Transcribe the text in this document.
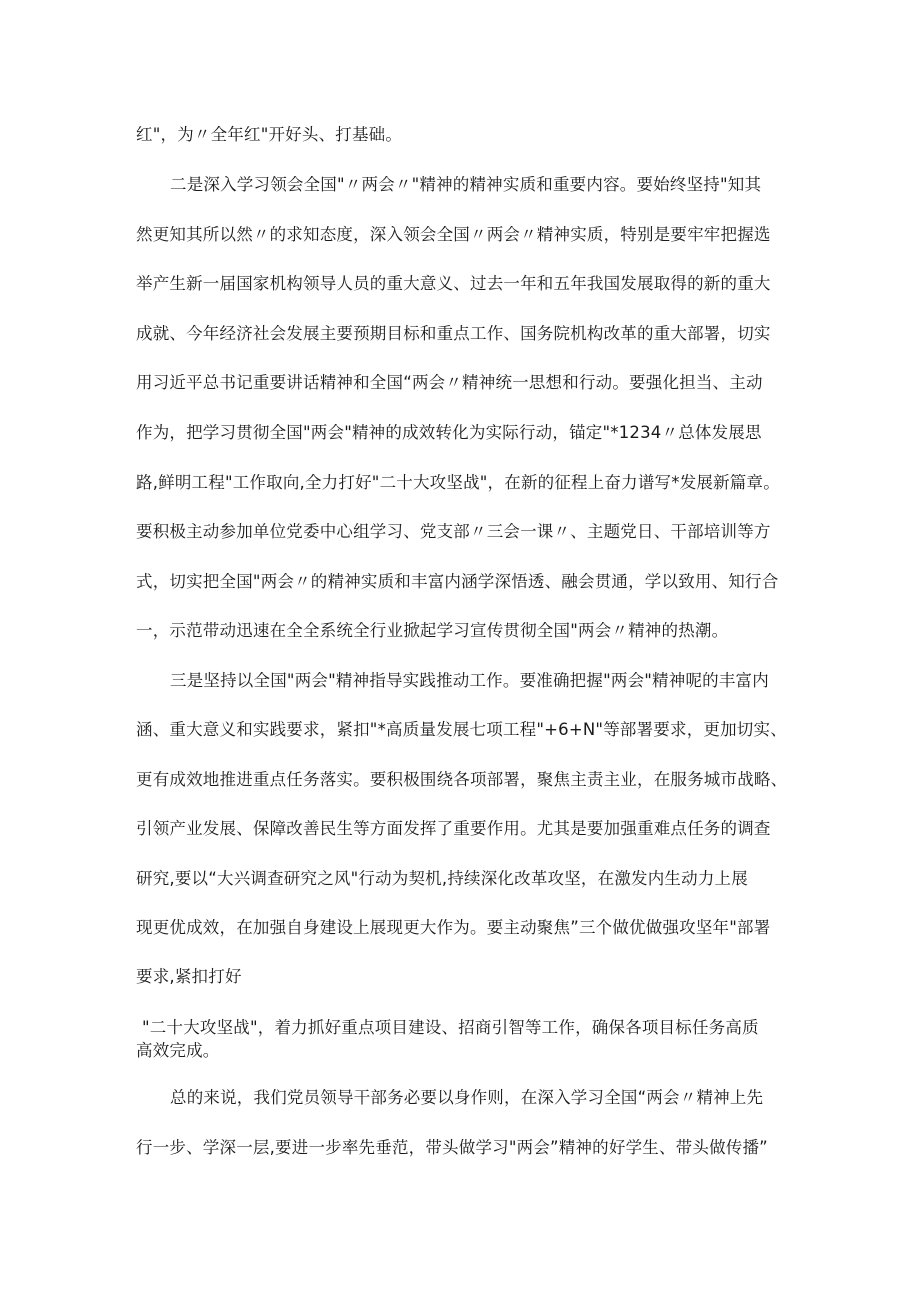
红"，为〃全年红"开好头、打基础。
二是深入学习领会全国"〃两会〃"精神的精神实质和重要内容。要始终坚持"知其
然更知其所以然〃的求知态度，深入领会全国〃两会〃精神实质，特别是要牢牢把握选
举产生新一届国家机构领导人员的重大意义、过去一年和五年我国发展取得的新的重大
成就、今年经济社会发展主要预期目标和重点工作、国务院机构改革的重大部署，切实
用习近平总书记重要讲话精神和全国“两会〃精神统一思想和行动。要强化担当、主动
作为，把学习贯彻全国"两会"精神的成效转化为实际行动，锚定"*1234〃总体发展思
路,鲜明工程"工作取向,全力打好"二十大攻坚战"，在新的征程上奋力谱写*发展新篇章。
要积极主动参加单位党委中心组学习、党支部〃三会一课〃、主题党日、干部培训等方
式，切实把全国"两会〃的精神实质和丰富内涵学深悟透、融会贯通，学以致用、知行合
一，示范带动迅速在全全系统全行业掀起学习宣传贯彻全国"两会〃精神的热潮。
三是坚持以全国"两会"精神指导实践推动工作。要准确把握"两会"精神呢的丰富内
涵、重大意义和实践要求，紧扣"*高质量发展七项工程"+6+N"等部署要求，更加切实、
更有成效地推进重点任务落实。要积极围绕各项部署，聚焦主责主业，在服务城市战略、
引领产业发展、保障改善民生等方面发挥了重要作用。尤其是要加强重难点任务的调查
研究,要以“大兴调查研究之风"行动为契机,持续深化改革攻坚，在激发内生动力上展
现更优成效，在加强自身建设上展现更大作为。要主动聚焦”三个做优做强攻坚年"部署
要求,紧扣打好
"二十大攻坚战"，着力抓好重点项目建设、招商引智等工作，确保各项目标任务高质
高效完成。
总的来说，我们党员领导干部务必要以身作则，在深入学习全国“两会〃精神上先
行一步、学深一层,要进一步率先垂范，带头做学习"两会”精神的好学生、带头做传播”
